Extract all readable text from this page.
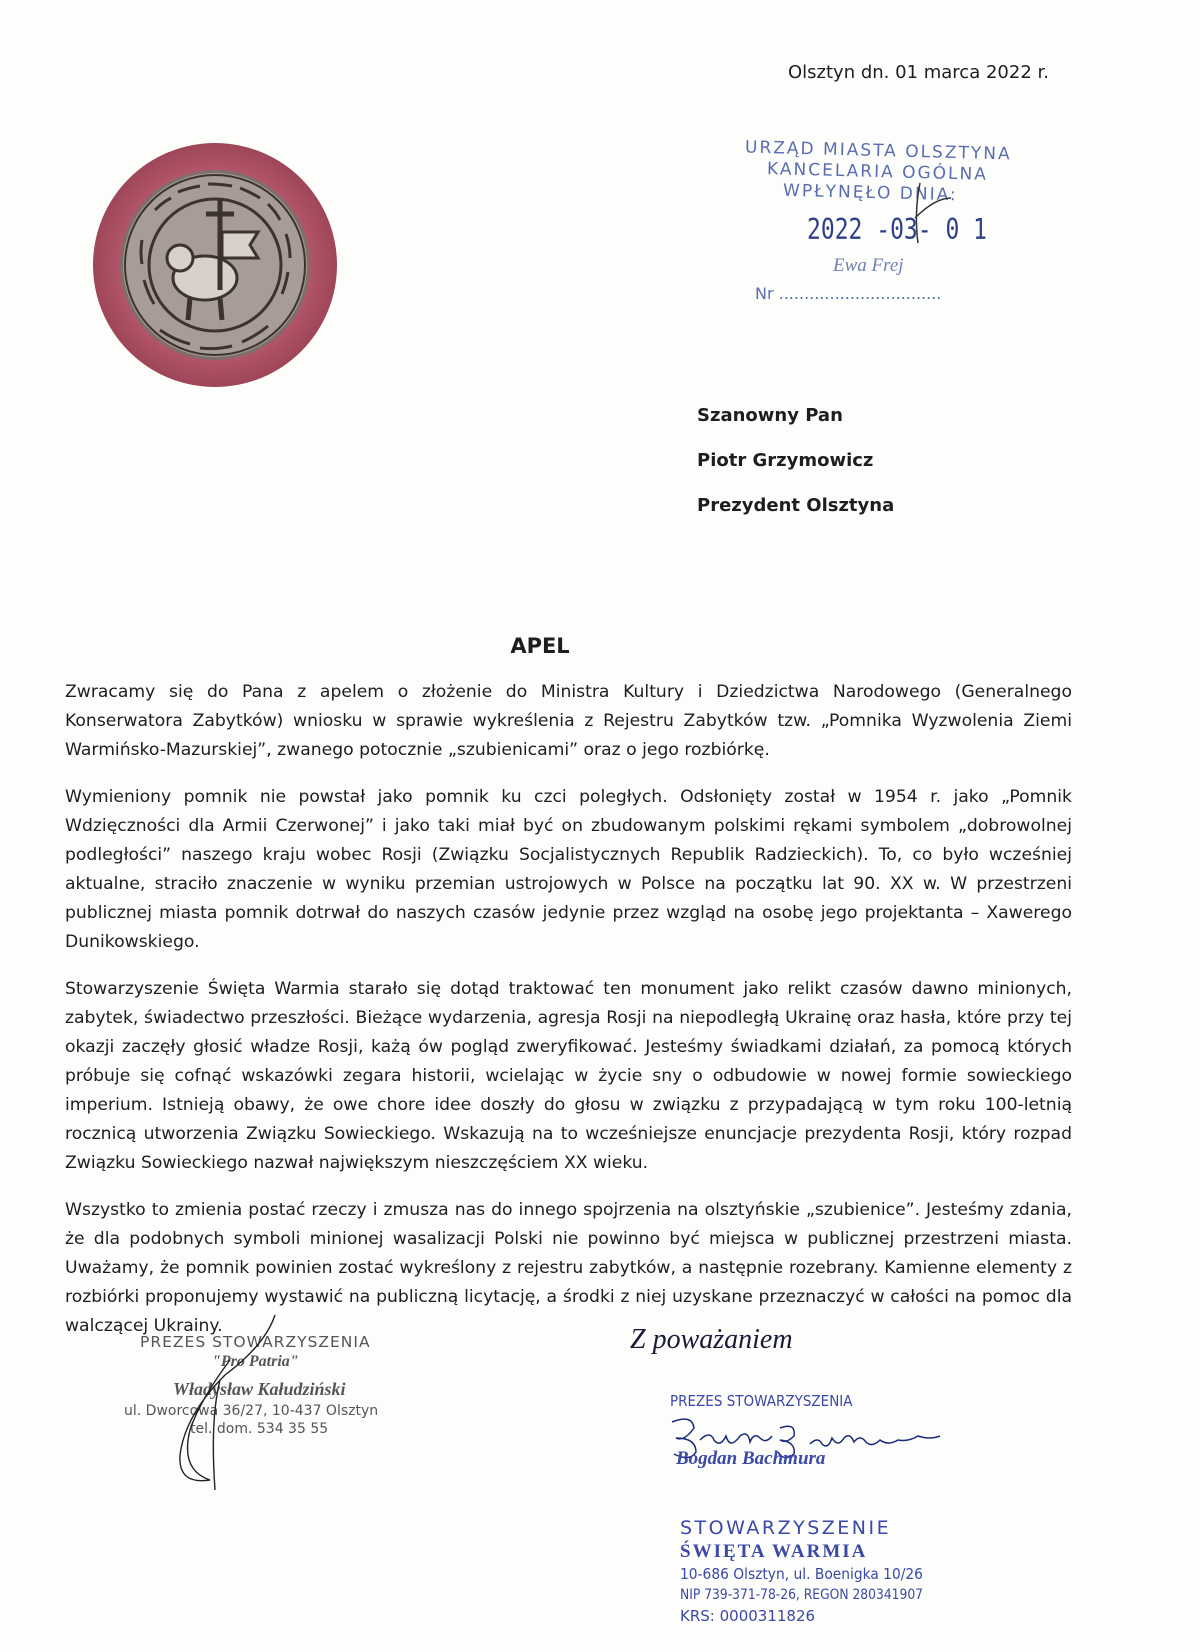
Olsztyn dn. 01 marca 2022 r.
URZĄD MIASTA OLSZTYNA
KANCELARIA OGÓLNA
WPŁYNĘŁO DNIA:
2022 -03- 0 1
Ewa Frej
Nr ................................
Szanowny Pan
Piotr Grzymowicz
Prezydent Olsztyna
APEL

Zwracamy się do Pana z apelem o złożenie do Ministra Kultury i Dziedzictwa Narodowego (Generalnego Konserwatora Zabytków) wniosku w sprawie wykreślenia z Rejestru Zabytków tzw. „Pomnika Wyzwolenia Ziemi Warmińsko-Mazurskiej”, zwanego potocznie „szubienicami” oraz o jego rozbiórkę.

Wymieniony pomnik nie powstał jako pomnik ku czci poległych. Odsłonięty został w 1954 r. jako „Pomnik Wdzięczności dla Armii Czerwonej” i jako taki miał być on zbudowanym polskimi rękami symbolem „dobrowolnej podległości” naszego kraju wobec Rosji (Związku Socjalistycznych Republik Radzieckich). To, co było wcześniej aktualne, straciło znaczenie w wyniku przemian ustrojowych w Polsce na początku lat 90. XX w. W przestrzeni publicznej miasta pomnik dotrwał do naszych czasów jedynie przez wzgląd na osobę jego projektanta – Xawerego Dunikowskiego.

Stowarzyszenie Święta Warmia starało się dotąd traktować ten monument jako relikt czasów dawno minionych, zabytek, świadectwo przeszłości. Bieżące wydarzenia, agresja Rosji na niepodległą Ukrainę oraz hasła, które przy tej okazji zaczęły głosić władze Rosji, każą ów pogląd zweryfikować. Jesteśmy świadkami działań, za pomocą których próbuje się cofnąć wskazówki zegara historii, wcielając w życie sny o odbudowie w nowej formie sowieckiego imperium. Istnieją obawy, że owe chore idee doszły do głosu w związku z przypadającą w tym roku 100-letnią rocznicą utworzenia Związku Sowieckiego. Wskazują na to wcześniejsze enuncjacje prezydenta Rosji, który rozpad Związku Sowieckiego nazwał największym nieszczęściem XX wieku.

Wszystko to zmienia postać rzeczy i zmusza nas do innego spojrzenia na olsztyńskie „szubienice”. Jesteśmy zdania, że dla podobnych symboli minionej wasalizacji Polski nie powinno być miejsca w publicznej przestrzeni miasta. Uważamy, że pomnik powinien zostać wykreślony z rejestru zabytków, a następnie rozebrany. Kamienne elementy z rozbiórki proponujemy wystawić na publiczną licytację, a środki z niej uzyskane przeznaczyć w całości na pomoc dla walczącej Ukrainy.

PREZES STOWARZYSZENIA
"Pro Patria"
Władysław Kałudziński
ul. Dworcowa 36/27, 10-437 Olsztyn
tel. dom. 534 35 55
Z poważaniem
PREZES STOWARZYSZENIA
Bogdan Bachmura
STOWARZYSZENIE
ŚWIĘTA WARMIA
10-686 Olsztyn, ul. Boenigka 10/26
NIP 739-371-78-26, REGON 280341907
KRS: 0000311826
